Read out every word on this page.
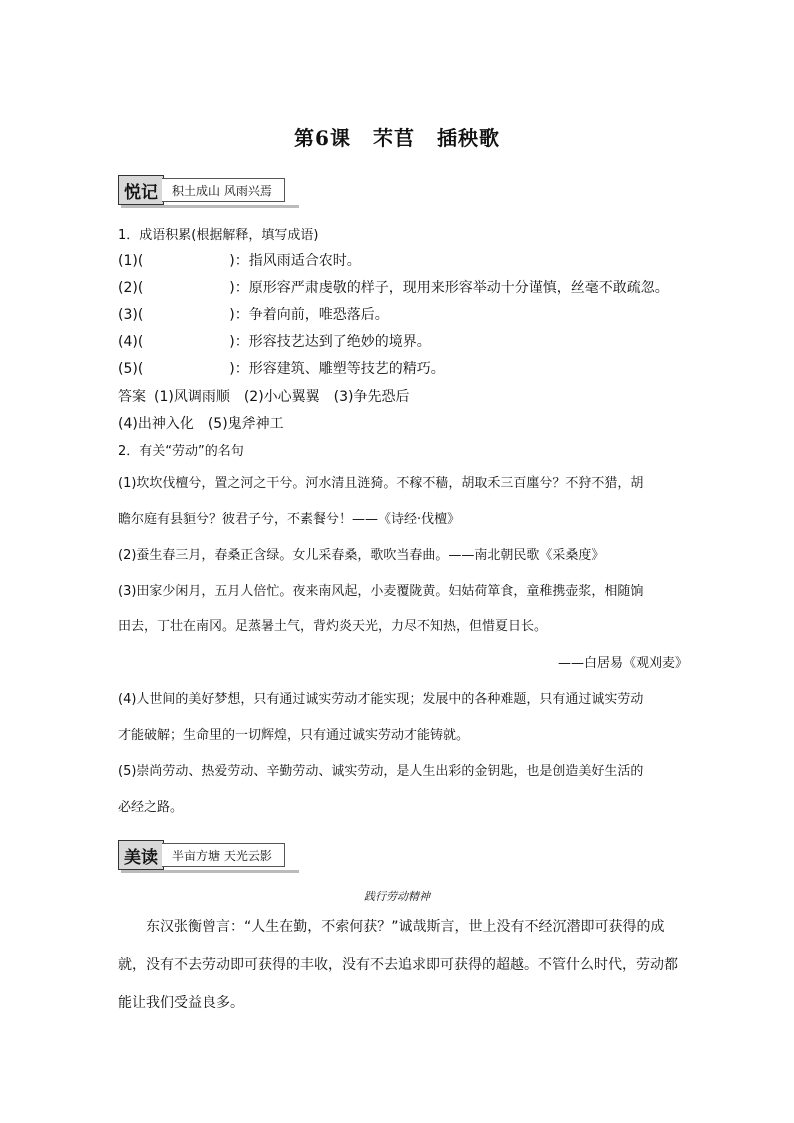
第6课 芣苢 插秧歌
悦记	积土成山 风雨兴焉
1．成语积累(根据解释，填写成语)
(1)(	)：指风雨适合农时。
(2)(	)：原形容严肃虔敬的样子，现用来形容举动十分谨慎，丝毫不敢疏忽。
(3)(	)：争着向前，唯恐落后。
(4)(	)：形容技艺达到了绝妙的境界。
(5)(	)：形容建筑、雕塑等技艺的精巧。
答案 (1)风调雨顺　(2)小心翼翼　(3)争先恐后
(4)出神入化　(5)鬼斧神工
2．有关“劳动”的名句
(1)坎坎伐檀兮，置之河之干兮。河水清且涟猗。不稼不穑，胡取禾三百廛兮？不狩不猎，胡
瞻尔庭有县貆兮？彼君子兮，不素餐兮！——《诗经·伐檀》
(2)蚕生春三月，春桑正含绿。女儿采春桑，歌吹当春曲。——南北朝民歌《采桑度》
(3)田家少闲月，五月人倍忙。夜来南风起，小麦覆陇黄。妇姑荷箪食，童稚携壶浆，相随饷
田去，丁壮在南冈。足蒸暑土气，背灼炎天光，力尽不知热，但惜夏日长。
——白居易《观刈麦》
(4)人世间的美好梦想，只有通过诚实劳动才能实现；发展中的各种难题，只有通过诚实劳动
才能破解；生命里的一切辉煌，只有通过诚实劳动才能铸就。
(5)崇尚劳动、热爱劳动、辛勤劳动、诚实劳动，是人生出彩的金钥匙，也是创造美好生活的
必经之路。
美读	半亩方塘 天光云影
践行劳动精神
东汉张衡曾言：“人生在勤，不索何获？”诚哉斯言，世上没有不经沉潜即可获得的成
就，没有不去劳动即可获得的丰收，没有不去追求即可获得的超越。不管什么时代，劳动都
能让我们受益良多。
